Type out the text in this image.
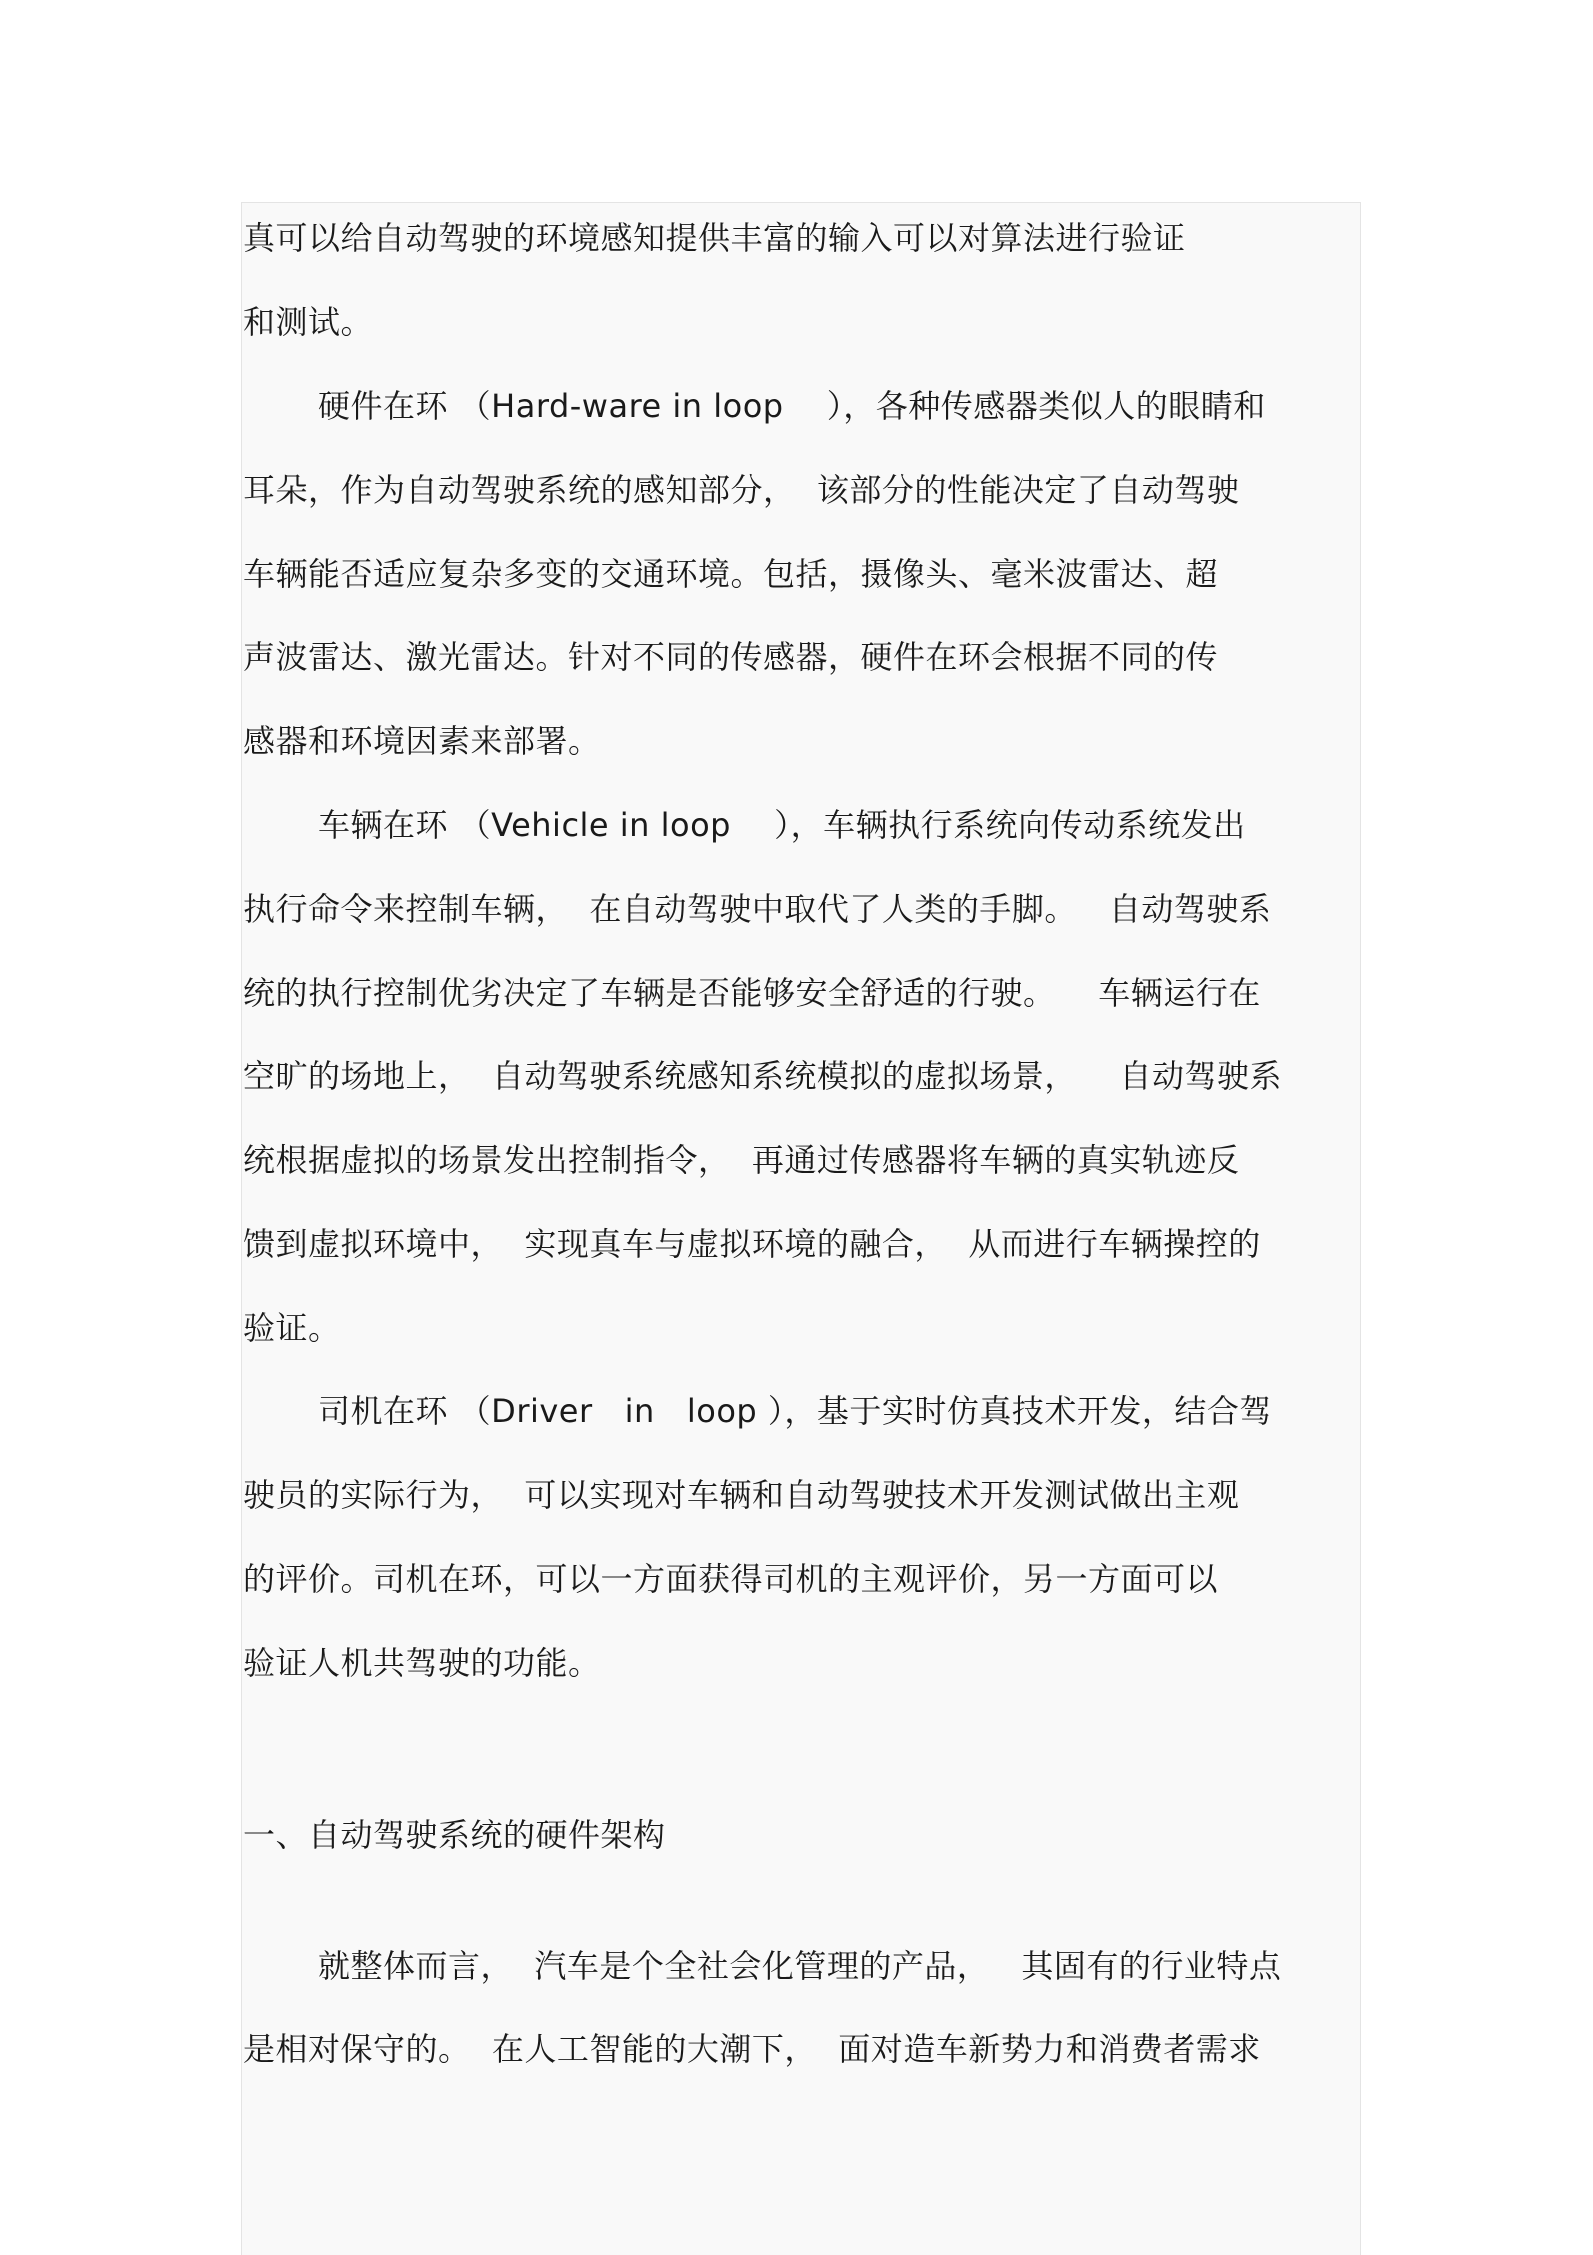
真可以给自动驾驶的环境感知提供丰富的输入可以对算法进行验证
和测试。
硬件在环 （Hard-ware in loop　 ），各种传感器类似人的眼睛和
耳朵，作为自动驾驶系统的感知部分，  该部分的性能决定了自动驾驶
车辆能否适应复杂多变的交通环境。包括，摄像头、毫米波雷达、超
声波雷达、激光雷达。针对不同的传感器，硬件在环会根据不同的传
感器和环境因素来部署。
车辆在环 （Vehicle in loop　 ），车辆执行系统向传动系统发出
执行命令来控制车辆，  在自动驾驶中取代了人类的手脚。   自动驾驶系
统的执行控制优劣决定了车辆是否能够安全舒适的行驶。    车辆运行在
空旷的场地上，  自动驾驶系统感知系统模拟的虚拟场景，    自动驾驶系
统根据虚拟的场景发出控制指令，  再通过传感器将车辆的真实轨迹反
馈到虚拟环境中，  实现真车与虚拟环境的融合，  从而进行车辆操控的
验证。
司机在环 （Driver   in   loop ），基于实时仿真技术开发，结合驾
驶员的实际行为，  可以实现对车辆和自动驾驶技术开发测试做出主观
的评价。司机在环，可以一方面获得司机的主观评价，另一方面可以
验证人机共驾驶的功能。
一、自动驾驶系统的硬件架构
就整体而言，  汽车是个全社会化管理的产品，   其固有的行业特点
是相对保守的。  在人工智能的大潮下，  面对造车新势力和消费者需求
